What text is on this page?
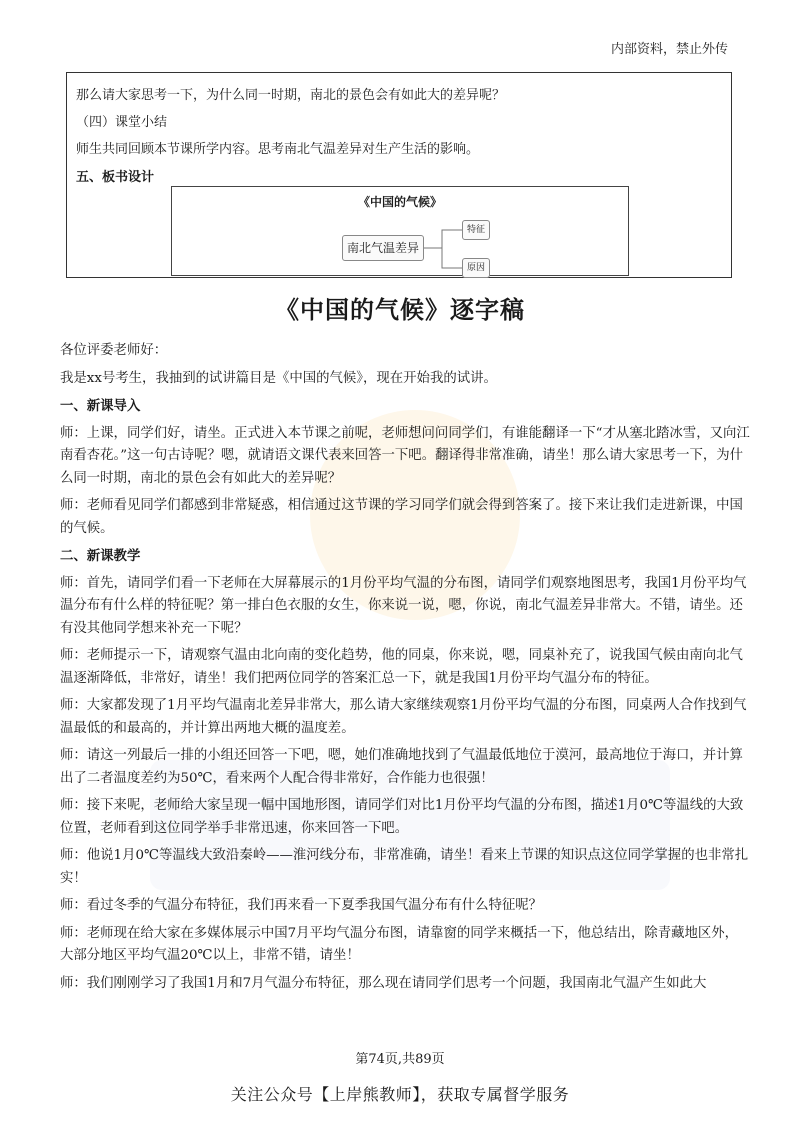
内部资料，禁止外传

那么请大家思考一下，为什么同一时期，南北的景色会有如此大的差异呢？

（四）课堂小结

师生共同回顾本节课所学内容。思考南北气温差异对生产生活的影响。

五、板书设计

《中国的气候》
南北气温差异
特征
原因
《中国的气候》逐字稿

各位评委老师好：

我是xx号考生，我抽到的试讲篇目是《中国的气候》，现在开始我的试讲。

一、新课导入

师：上课，同学们好，请坐。正式进入本节课之前呢，老师想问问同学们，有谁能翻译一下“才从塞北踏冰雪，又向江南看杏花。”这一句古诗呢？嗯，就请语文课代表来回答一下吧。翻译得非常准确，请坐！那么请大家思考一下，为什么同一时期，南北的景色会有如此大的差异呢？

师：老师看见同学们都感到非常疑惑，相信通过这节课的学习同学们就会得到答案了。接下来让我们走进新课，中国的气候。

二、新课教学

师：首先，请同学们看一下老师在大屏幕展示的1月份平均气温的分布图，请同学们观察地图思考，我国1月份平均气温分布有什么样的特征呢？第一排白色衣服的女生，你来说一说，嗯，你说，南北气温差异非常大。不错，请坐。还有没其他同学想来补充一下呢？

师：老师提示一下，请观察气温由北向南的变化趋势，他的同桌，你来说，嗯，同桌补充了，说我国气候由南向北气温逐渐降低，非常好，请坐！我们把两位同学的答案汇总一下，就是我国1月份平均气温分布的特征。

师：大家都发现了1月平均气温南北差异非常大，那么请大家继续观察1月份平均气温的分布图，同桌两人合作找到气温最低的和最高的，并计算出两地大概的温度差。

师：请这一列最后一排的小组还回答一下吧，嗯，她们准确地找到了气温最低地位于漠河，最高地位于海口，并计算出了二者温度差约为50℃，看来两个人配合得非常好，合作能力也很强！

师：接下来呢，老师给大家呈现一幅中国地形图，请同学们对比1月份平均气温的分布图，描述1月0℃等温线的大致位置，老师看到这位同学举手非常迅速，你来回答一下吧。

师：他说1月0℃等温线大致沿秦岭——淮河线分布，非常准确，请坐！看来上节课的知识点这位同学掌握的也非常扎实！

师：看过冬季的气温分布特征，我们再来看一下夏季我国气温分布有什么特征呢？

师：老师现在给大家在多媒体展示中国7月平均气温分布图，请靠窗的同学来概括一下，他总结出，除青藏地区外，大部分地区平均气温20℃以上，非常不错，请坐！

师：我们刚刚学习了我国1月和7月气温分布特征，那么现在请同学们思考一个问题，我国南北气温产生如此大

第74页,共89页
关注公众号【上岸熊教师】，获取专属督学服务
